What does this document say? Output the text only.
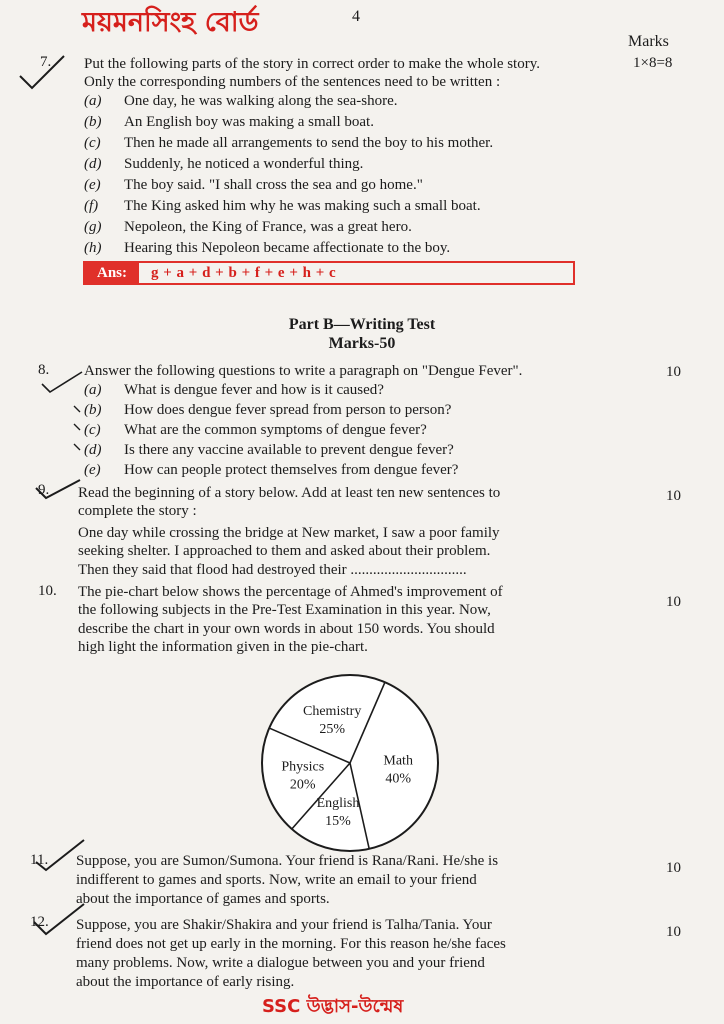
ময়মনসিংহ বোর্ড	4
Marks
7. Put the following parts of the story in correct order to make the whole story.	1×8=8
Only the corresponding numbers of the sentences need to be written :
(a) One day, he was walking along the sea-shore.
(b) An English boy was making a small boat.
(c) Then he made all arrangements to send the boy to his mother.
(d) Suddenly, he noticed a wonderful thing.
(e) The boy said. "I shall cross the sea and go home."
(f) The King asked him why he was making such a small boat.
(g) Nepoleon, the King of France, was a great hero.
(h) Hearing this Nepoleon became affectionate to the boy.
Ans:	g + a + d + b + f + e + h + c
Part B—Writing Test
Marks-50
8. Answer the following questions to write a paragraph on "Dengue Fever".	10
(a) What is dengue fever and how is it caused?
(b) How does dengue fever spread from person to person?
(c) What are the common symptoms of dengue fever?
(d) Is there any vaccine available to prevent dengue fever?
(e) How can people protect themselves from dengue fever?
9. Read the beginning of a story below. Add at least ten new sentences to	10
complete the story :
One day while crossing the bridge at New market, I saw a poor family
seeking shelter. I approached to them and asked about their problem.
Then they said that flood had destroyed their ...............................
10. The pie-chart below shows the percentage of Ahmed's improvement of
10
the following subjects in the Pre-Test Examination in this year. Now,
describe the chart in your own words in about 150 words. You should
high light the information given in the pie-chart.
Chemistry
25%
Math
40%
English
15%
Physics
20%
11. Suppose, you are Sumon/Sumona. Your friend is Rana/Rani. He/she is	10
indifferent to games and sports. Now, write an email to your friend
about the importance of games and sports.
12. Suppose, you are Shakir/Shakira and your friend is Talha/Tania. Your	10
friend does not get up early in the morning. For this reason he/she faces
many problems. Now, write a dialogue between you and your friend
about the importance of early rising.
SSC উদ্ভাস-উন্মেষ
